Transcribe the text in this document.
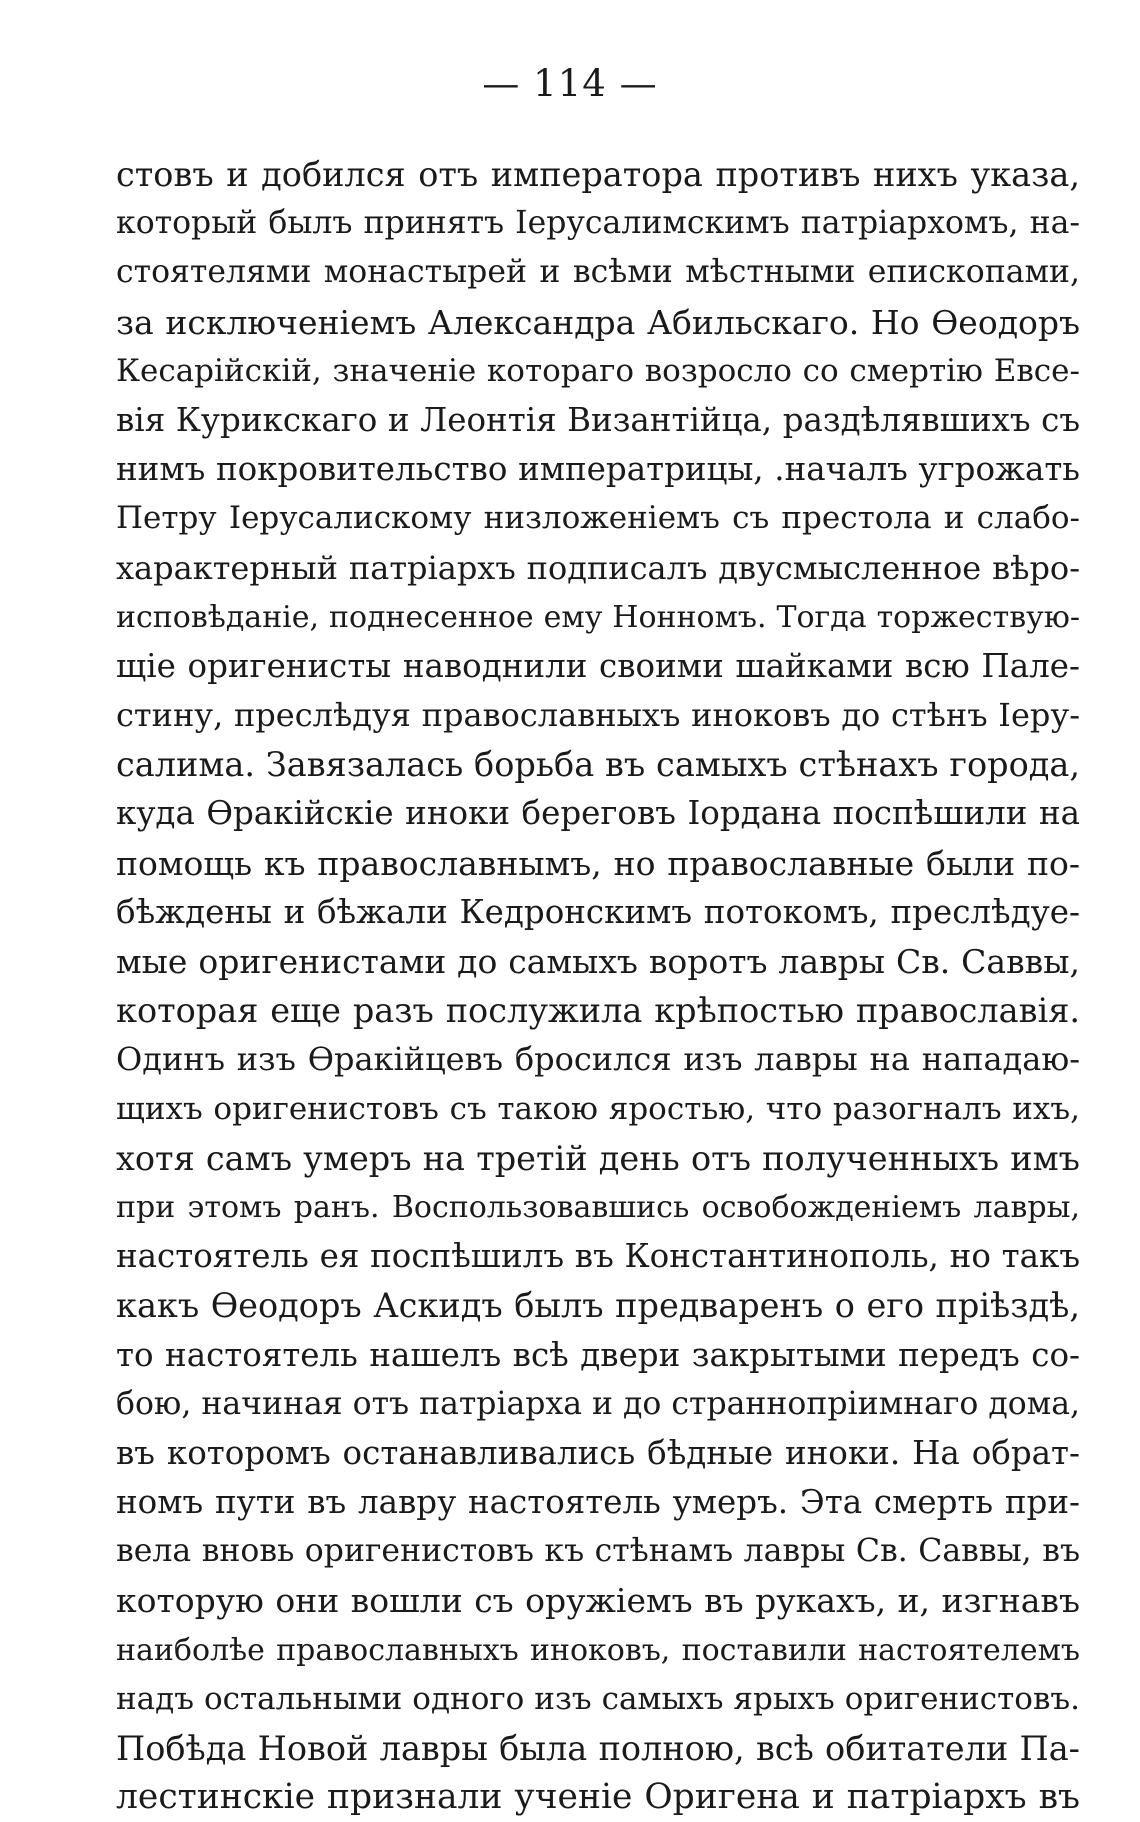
— 114 —
стовъ и добился отъ императора противъ нихъ указа,
который былъ принятъ Іерусалимскимъ патріархомъ, на-
стоятелями монастырей и всѣми мѣстными епископами,
за исключеніемъ Александра Абильскаго. Но Ѳеодоръ
Кесарійскій, значеніе котораго возросло со смертію Евсе-
вія Курикскаго и Леонтія Византійца, раздѣлявшихъ съ
нимъ покровительство императрицы, .началъ угрожать
Петру Іерусалискому низложеніемъ съ престола и слабо-
характерный патріархъ подписалъ двусмысленное вѣро-
исповѣданіе, поднесенное ему Нонномъ. Тогда торжествую-
щіе оригенисты наводнили своими шайками всю Пале-
стину, преслѣдуя православныхъ иноковъ до стѣнъ Іеру-
салима. Завязалась борьба въ самыхъ стѣнахъ города,
куда Ѳракійскіе иноки береговъ Іордана поспѣшили на
помощь къ православнымъ, но православные были по-
бѣждены и бѣжали Кедронскимъ потокомъ, преслѣдуе-
мые оригенистами до самыхъ воротъ лавры Св. Саввы,
которая еще разъ послужила крѣпостью православія.
Одинъ изъ Ѳракійцевъ бросился изъ лавры на нападаю-
щихъ оригенистовъ съ такою яростью, что разогналъ ихъ,
хотя самъ умеръ на третій день отъ полученныхъ имъ
при этомъ ранъ. Воспользовавшись освобожденіемъ лавры,
настоятель ея поспѣшилъ въ Константинополь, но такъ
какъ Ѳеодоръ Аскидъ былъ предваренъ о его пріѣздѣ,
то настоятель нашелъ всѣ двери закрытыми передъ со-
бою, начиная отъ патріарха и до страннопріимнаго дома,
въ которомъ останавливались бѣдные иноки. На обрат-
номъ пути въ лавру настоятель умеръ. Эта смерть при-
вела вновь оригенистовъ къ стѣнамъ лавры Св. Саввы, въ
которую они вошли съ оружіемъ въ рукахъ, и, изгнавъ
наиболѣе православныхъ иноковъ, поставили настоятелемъ
надъ остальными одного изъ самыхъ ярыхъ оригенистовъ.
Побѣда Новой лавры была полною, всѣ обитатели Па-
лестинскіе признали ученіе Оригена и патріархъ въ
